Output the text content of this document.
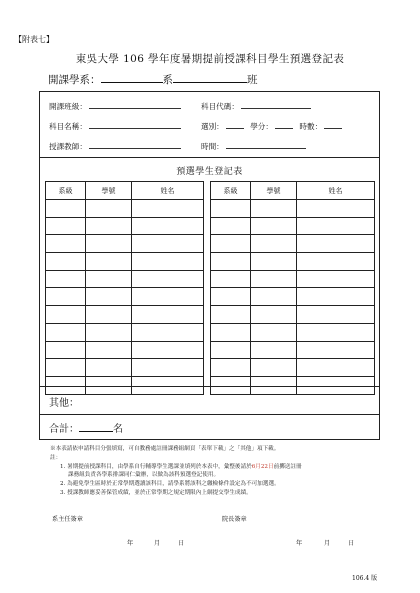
【附表七】
東吳大學 106 學年度暑期提前授課科目學生預選登記表
開課學系：	系	班
開課班級：	科目代碼：
科目名稱：	選別：	學分：	時數：
授課教師：	時間：
預選學生登記表
系級	學號	姓名		系級	學號	姓名

其他：
合計：	名
※本表請依申請科目分張填寫，可自教務處註冊課務組網頁「表單下載」之「其他」項下載。
註：
1. 暑期提前授課科目，由學系自行輔導學生選課並填列於本表中，彙整後請於6月22日前擲送註冊
課務組負責各學系排課同仁彙辦，以做為該科預選登記使用。
2. 為避免學生區時於正常學期選讀該科目，請學系將該科之繳檢條件設定為不可加選選。
3. 授課教師應妥善保管成績，並於正常學期之規定期限內上網提交學生成績。
系主任簽章	院長簽章
年	月	日	年	月	日
106.4 版
